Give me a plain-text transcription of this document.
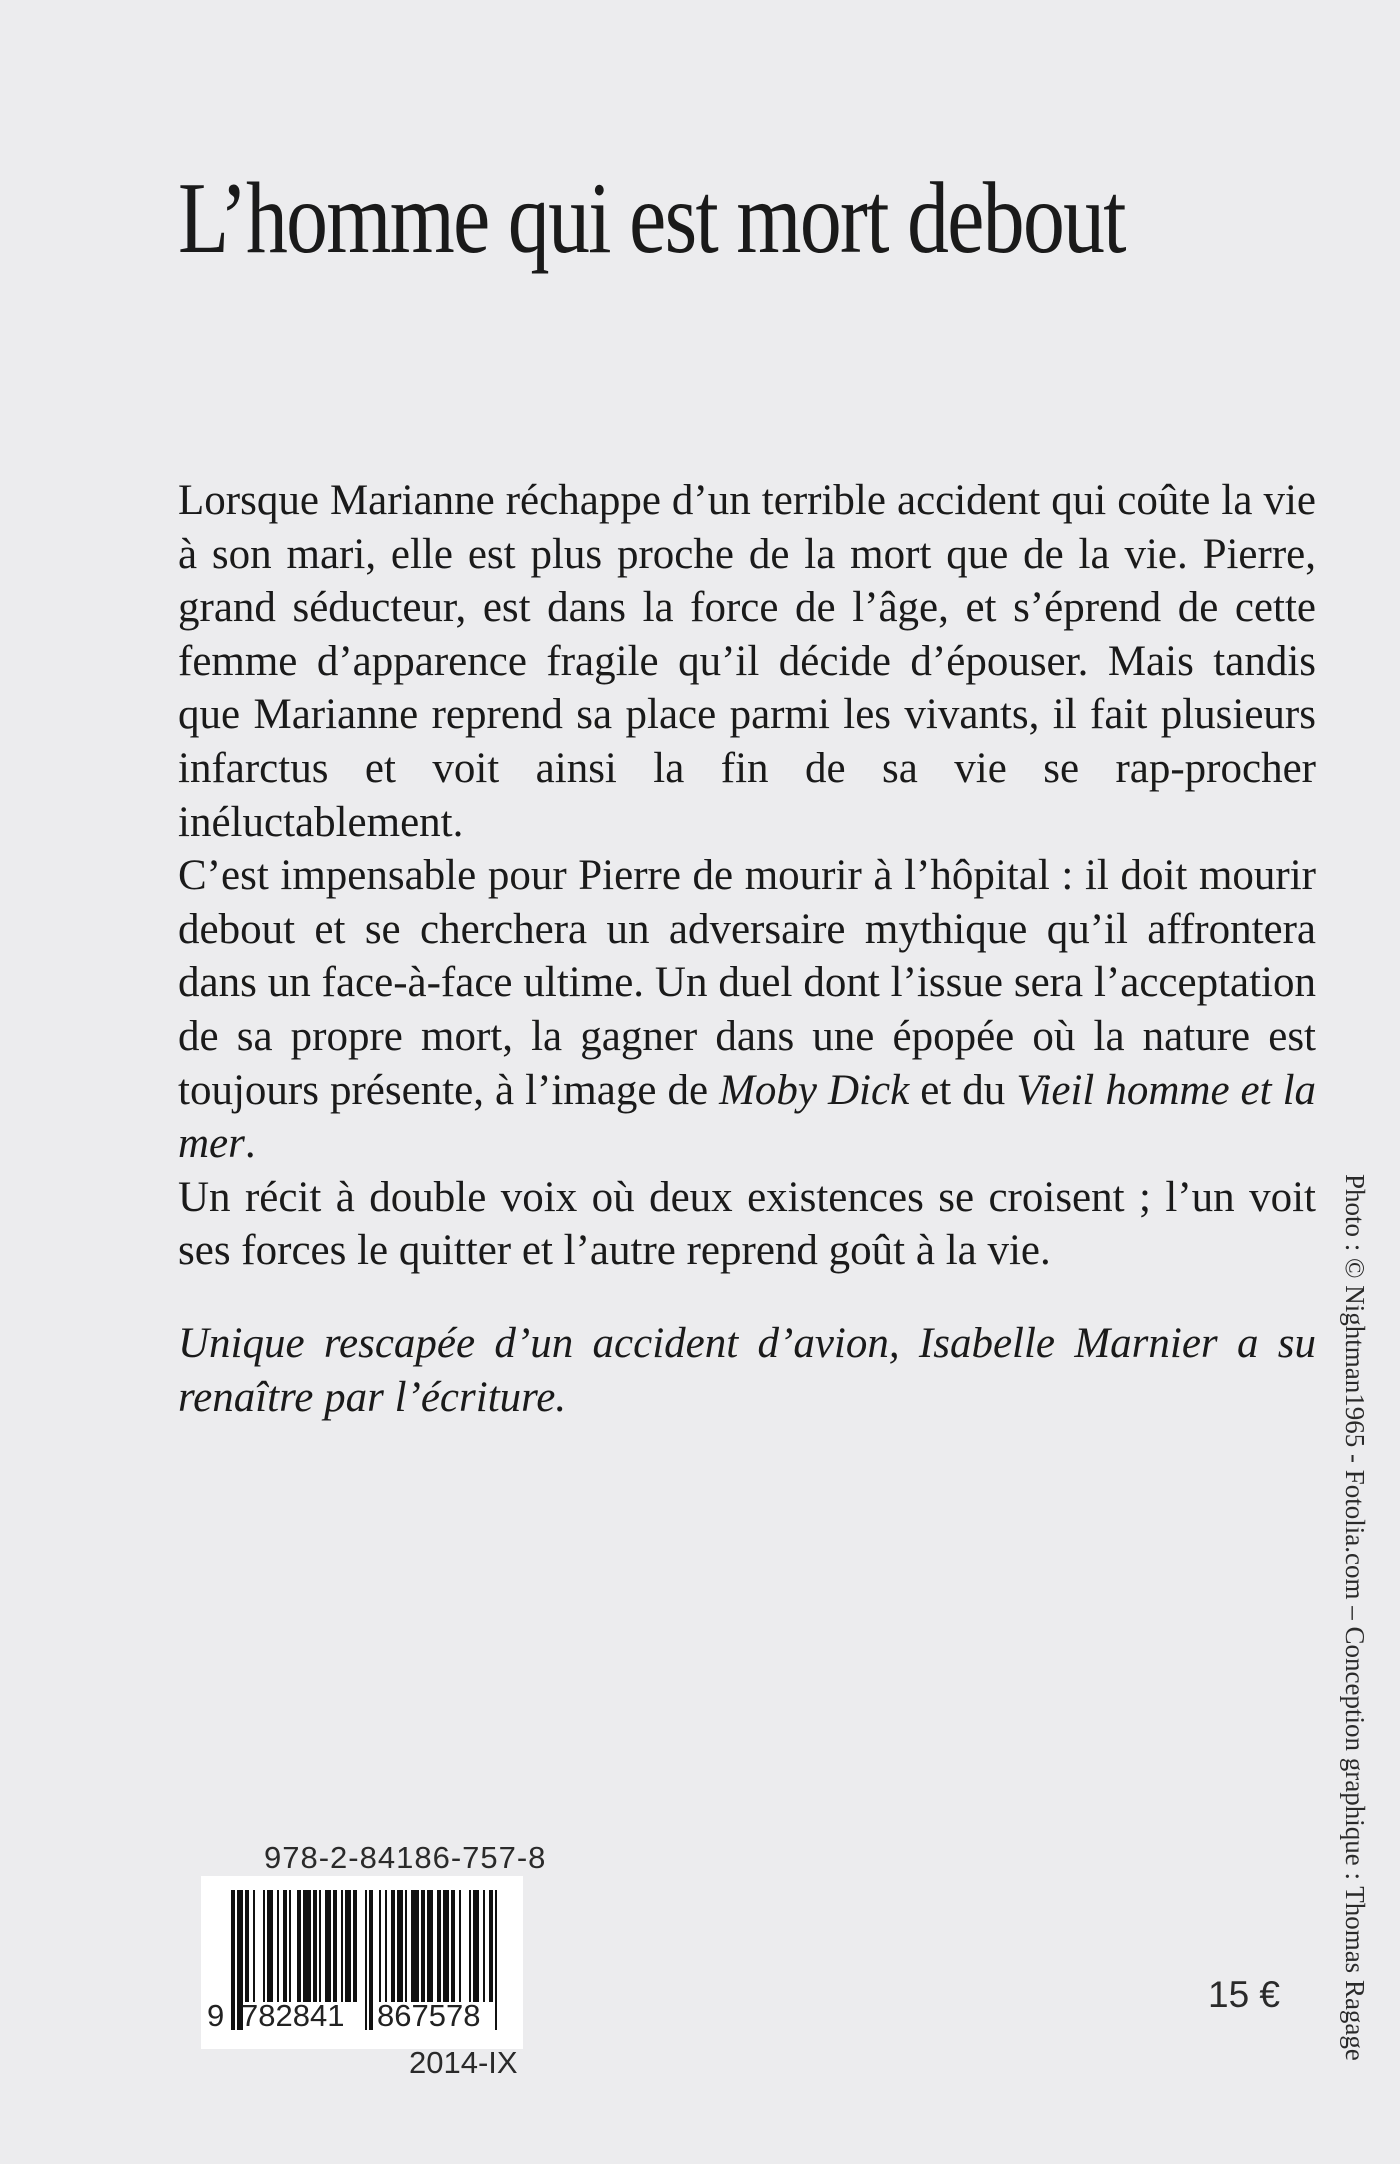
L’homme qui est mort debout

Lorsque Marianne réchappe d’un terrible accident qui coûte la vie à son mari, elle est plus proche de la mort que de la vie. Pierre, grand séducteur, est dans la force de l’âge, et s’éprend de cette femme d’apparence fragile qu’il décide d’épouser. Mais tandis que Marianne reprend sa place parmi les vivants, il fait plusieurs infarctus et voit ainsi la fin de sa vie se rap-procher inéluctablement.

C’est impensable pour Pierre de mourir à l’hôpital : il doit mourir debout et se cherchera un adversaire mythique qu’il affrontera dans un face-à-face ultime. Un duel dont l’issue sera l’acceptation de sa propre mort, la gagner dans une épopée où la nature est toujours présente, à l’image de Moby Dick et du Vieil homme et la mer.

Un récit à double voix où deux existences se croisent ; l’un voit ses forces le quitter et l’autre reprend goût à la vie.

Unique rescapée d’un accident d’avion, Isabelle Marnier a su renaître par l’écriture.	Photo : © Nightman1965 - Fotolia.com – Conception graphique : Thomas Ragage
978-2-84186-757-8
9 782841 867578
2014-IX
15 €
